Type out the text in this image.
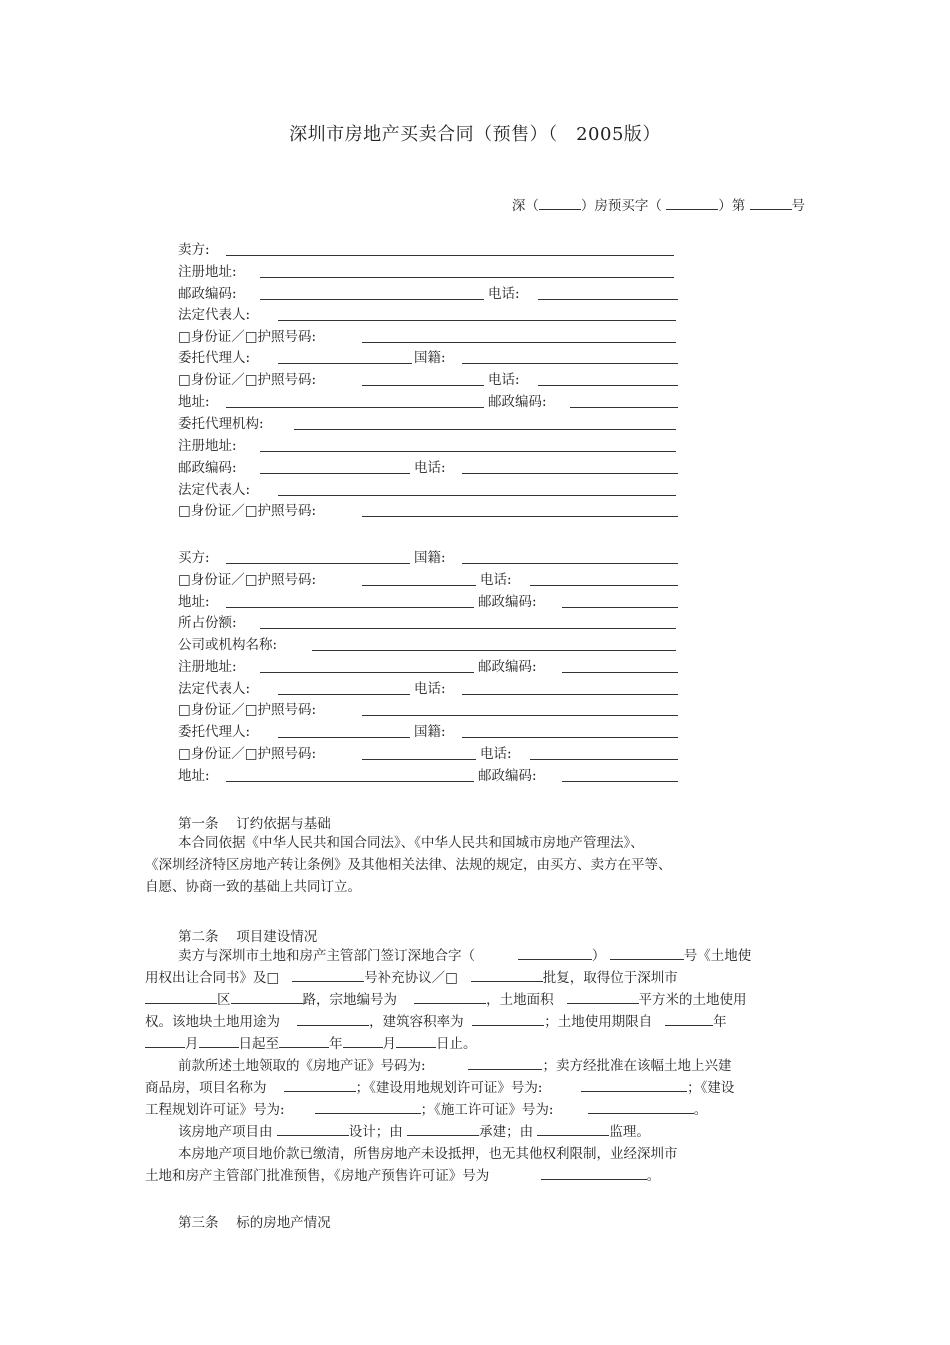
深圳市房地产买卖合同（预售）（　2005版）
深（	）房预买字（	）第	号
卖方:
注册地址:
邮政编码:	电话:
法定代表人:
□身份证／□护照号码:
委托代理人:	国籍:
□身份证／□护照号码:	电话:
地址:	邮政编码:
委托代理机构:
注册地址:
邮政编码:	电话:
法定代表人:
□身份证／□护照号码:
买方:	国籍:
□身份证／□护照号码:	电话:
地址:	邮政编码:
所占份额:
公司或机构名称:
注册地址:	邮政编码:
法定代表人:	电话:
□身份证／□护照号码:
委托代理人:	国籍:
□身份证／□护照号码:	电话:
地址:	邮政编码:
第一条　 订约依据与基础
本合同依据《中华人民共和国合同法》、《中华人民共和国城市房地产管理法》、
《深圳经济特区房地产转让条例》及其他相关法律、法规的规定，由买方、卖方在平等、
自愿、协商一致的基础上共同订立。
第二条　 项目建设情况
卖方与深圳市土地和房产主管部门签订深地合字（	）	号《土地使
用权出让合同书》及□	号补充协议／□	批复，取得位于深圳市
区	路，宗地编号为	，土地面积	平方米的土地使用
权。该地块土地用途为	，建筑容积率为	；土地使用期限自	年
月	日起至	年	月	日止。
前款所述土地领取的《房地产证》号码为:	；卖方经批准在该幅土地上兴建
商品房，项目名称为	；《建设用地规划许可证》号为:	；《建设
工程规划许可证》号为:	；《施工许可证》号为:	。
该房地产项目由	设计；由	承建；由	监理。
本房地产项目地价款已缴清，所售房地产未设抵押，也无其他权利限制，业经深圳市
土地和房产主管部门批准预售，《房地产预售许可证》号为	。
第三条　 标的房地产情况
